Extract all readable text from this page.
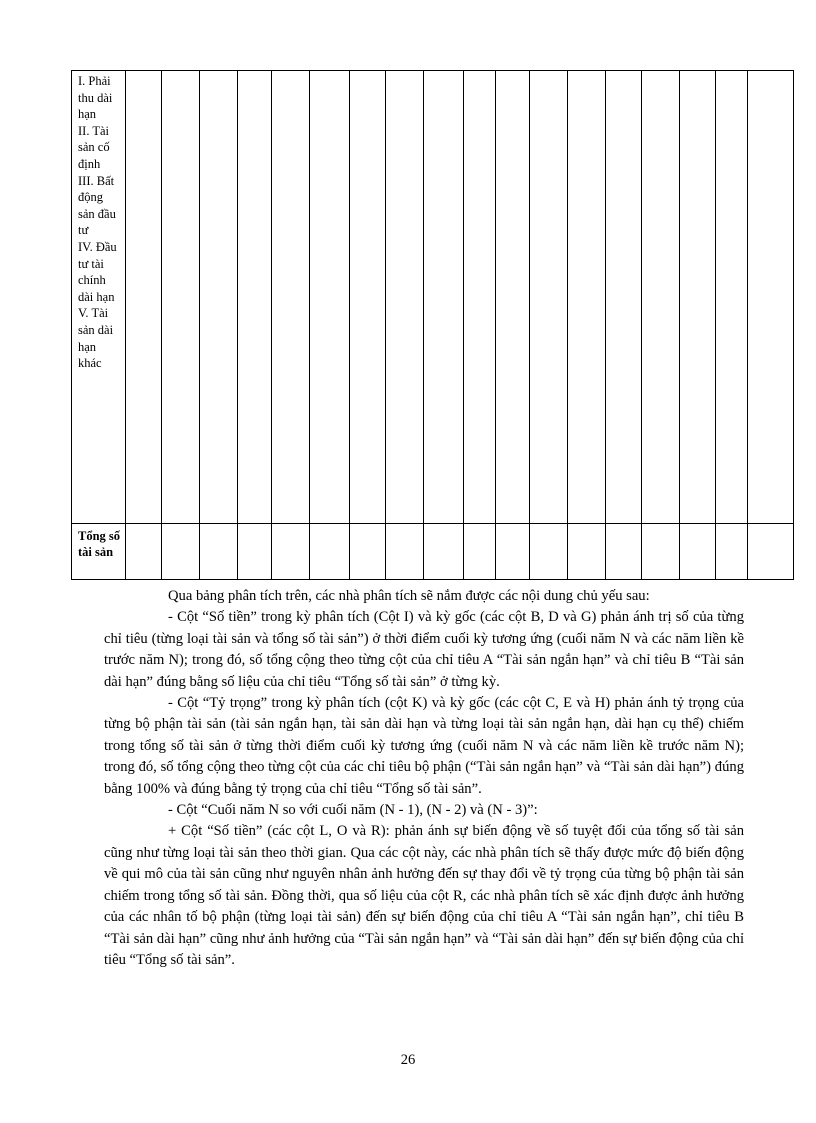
I. Phải thu dài hạn
II. Tài sản cố định
III. Bất động sản đầu tư
IV. Đầu tư tài chính dài hạn
V. Tài sản dài hạn khác																		

Tổng số tài sản																		

Qua bảng phân tích trên, các nhà phân tích sẽ nắm được các nội dung chủ yếu sau:

- Cột “Số tiền” trong kỳ phân tích (Cột I) và kỳ gốc (các cột B, D và G) phản ánh trị số của từng chỉ tiêu (từng loại tài sản và tổng số tài sản”) ở thời điểm cuối kỳ tương ứng (cuối năm N và các năm liền kề trước năm N); trong đó, số tổng cộng theo từng cột của chỉ tiêu A “Tài sản ngắn hạn” và chỉ tiêu B “Tài sản dài hạn” đúng bằng số liệu của chỉ tiêu “Tổng số tài sản” ở từng kỳ.

- Cột “Tỷ trọng” trong kỳ phân tích (cột K) và kỳ gốc (các cột C, E và H) phản ánh tỷ trọng của từng bộ phận tài sản (tài sản ngắn hạn, tài sản dài hạn và từng loại tài sản ngắn hạn, dài hạn cụ thể) chiếm trong tổng số tài sản ở từng thời điểm cuối kỳ tương ứng (cuối năm N và các năm liền kề trước năm N); trong đó, số tổng cộng theo từng cột của các chỉ tiêu bộ phận (“Tài sản ngắn hạn” và “Tài sản dài hạn”) đúng bằng 100% và đúng bằng tỷ trọng của chỉ tiêu “Tổng số tài sản”.

- Cột “Cuối năm N so với cuối năm (N - 1), (N - 2) và (N - 3)”:

+ Cột “Số tiền” (các cột L, O và R): phản ánh sự biến động về số tuyệt đối của tổng số tài sản cũng như từng loại tài sản theo thời gian. Qua các cột này, các nhà phân tích sẽ thấy được mức độ biến động về qui mô của tài sản cũng như nguyên nhân ảnh hưởng đến sự thay đổi về tỷ trọng của từng bộ phận tài sản chiếm trong tổng số tài sản. Đồng thời, qua số liệu của cột R, các nhà phân tích sẽ xác định được ảnh hưởng của các nhân tố bộ phận (từng loại tài sản) đến sự biến động của chỉ tiêu A “Tài sản ngắn hạn”, chỉ tiêu B “Tài sản dài hạn” cũng như ảnh hưởng của “Tài sản ngắn hạn” và “Tài sản dài hạn” đến sự biến động của chỉ tiêu “Tổng số tài sản”.

26
